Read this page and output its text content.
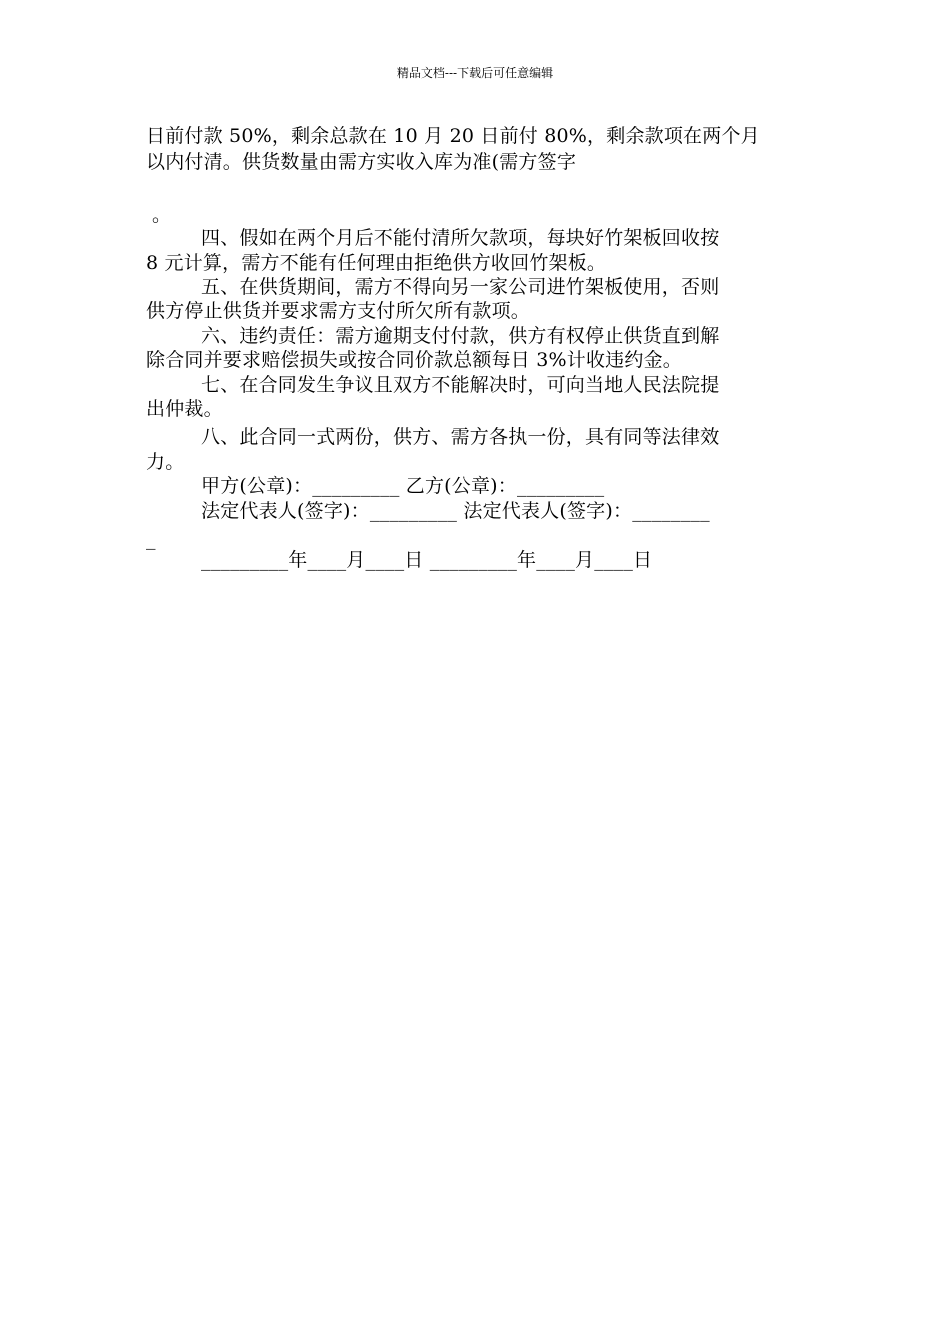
精品文档---下载后可任意编辑
日前付款 50%，剩余总款在 10 月 20 日前付 80%，剩余款项在两个月
以内付清。供货数量由需方实收入库为准(需方签字
。
四、假如在两个月后不能付清所欠款项，每块好竹架板回收按
8 元计算，需方不能有任何理由拒绝供方收回竹架板。
五、在供货期间，需方不得向另一家公司进竹架板使用，否则
供方停止供货并要求需方支付所欠所有款项。
六、违约责任：需方逾期支付付款，供方有权停止供货直到解
除合同并要求赔偿损失或按合同价款总额每日 3%计收违约金。
七、在合同发生争议且双方不能解决时，可向当地人民法院提
出仲裁。
八、此合同一式两份，供方、需方各执一份，具有同等法律效
力。
甲方(公章)：_________ 乙方(公章)：_________
法定代表人(签字)：_________ 法定代表人(签字)：________
_
_________年____月____日 _________年____月____日
